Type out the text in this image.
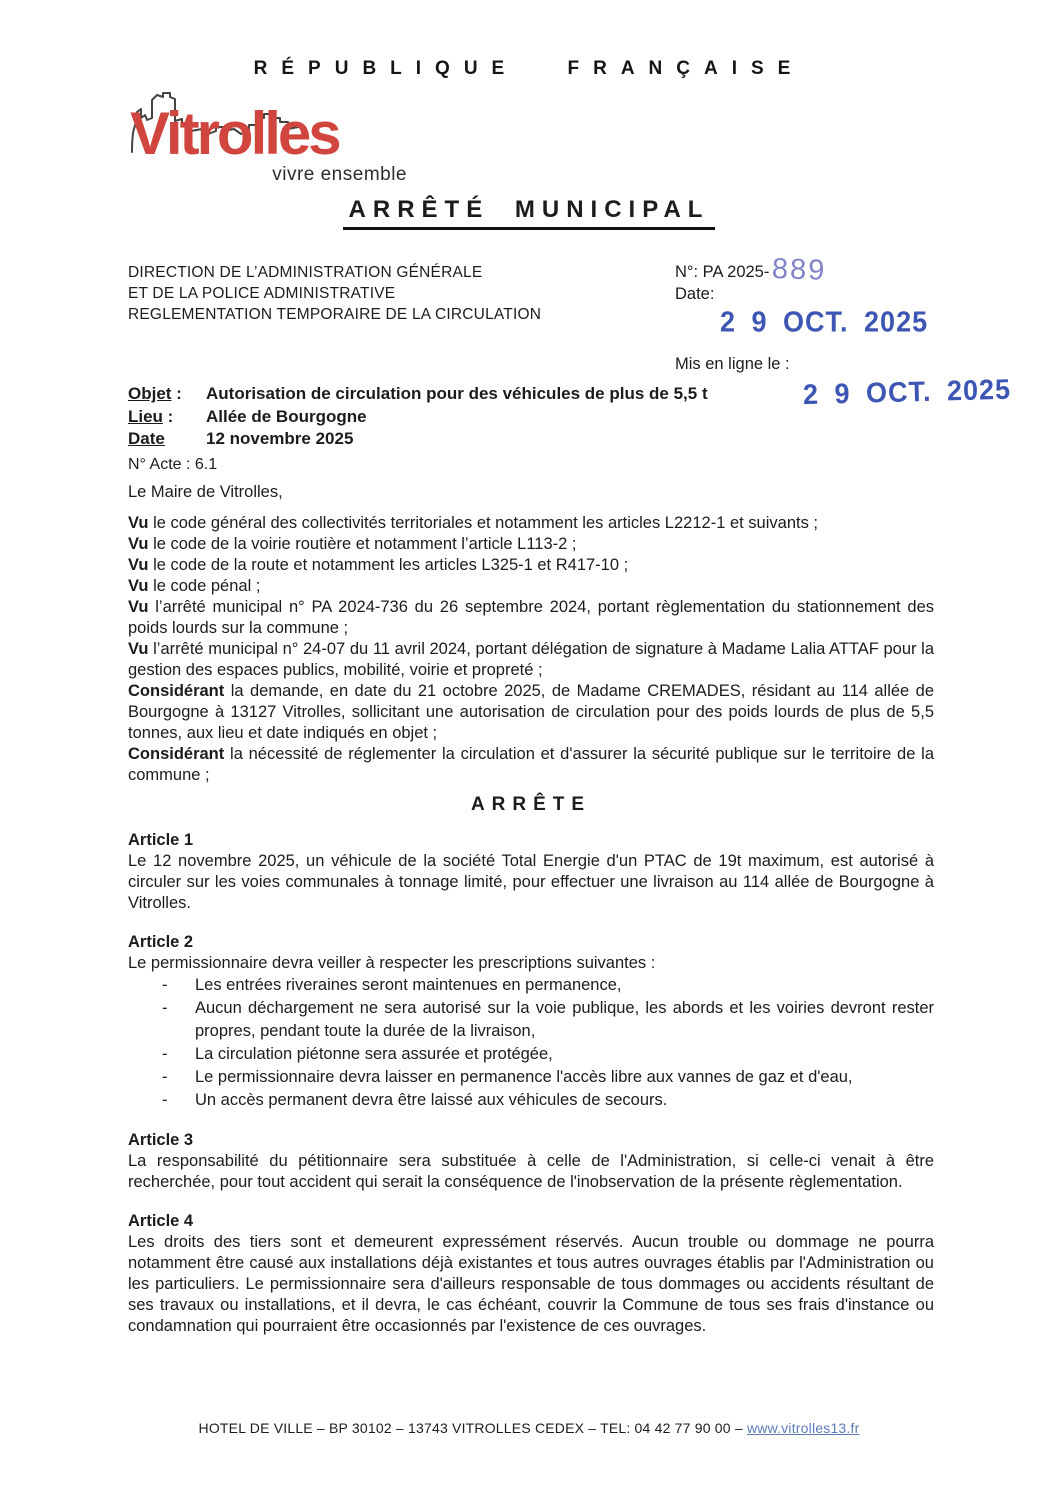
RÉPUBLIQUE FRANÇAISE
Vitrolles
vivre ensemble
ARRÊTÉ MUNICIPAL
DIRECTION DE L’ADMINISTRATION GÉNÉRALE
ET DE LA POLICE ADMINISTRATIVE
REGLEMENTATION TEMPORAIRE DE LA CIRCULATION
N°: PA 2025-889
Date:
2 9 OCT. 2025
Mis en ligne le :
2 9 OCT. 2025
Objet :	Autorisation de circulation pour des véhicules de plus de 5,5 t
Lieu :	Allée de Bourgogne
Date	12 novembre 2025
N° Acte : 6.1

Le Maire de Vitrolles,

Vu le code général des collectivités territoriales et notamment les articles L2212-1 et suivants ;

Vu le code de la voirie routière et notamment l’article L113-2 ;

Vu le code de la route et notamment les articles L325-1 et R417-10 ;

Vu le code pénal ;

Vu l’arrêté municipal n° PA 2024-736 du 26 septembre 2024, portant règlementation du stationnement des poids lourds sur la commune ;

Vu l’arrêté municipal n° 24-07 du 11 avril 2024, portant délégation de signature à Madame Lalia ATTAF pour la gestion des espaces publics, mobilité, voirie et propreté ;

Considérant la demande, en date du 21 octobre 2025, de Madame CREMADES, résidant au 114 allée de Bourgogne à 13127 Vitrolles, sollicitant une autorisation de circulation pour des poids lourds de plus de 5,5 tonnes, aux lieu et date indiqués en objet ;

Considérant la nécessité de réglementer la circulation et d'assurer la sécurité publique sur le territoire de la commune ;

ARRÊTE

Article 1

Le 12 novembre 2025, un véhicule de la société Total Energie d'un PTAC de 19t maximum, est autorisé à circuler sur les voies communales à tonnage limité, pour effectuer une livraison au 114 allée de Bourgogne à Vitrolles.

Article 2

Le permissionnaire devra veiller à respecter les prescriptions suivantes :

- Les entrées riveraines seront maintenues en permanence,
- Aucun déchargement ne sera autorisé sur la voie publique, les abords et les voiries devront rester propres, pendant toute la durée de la livraison,
- La circulation piétonne sera assurée et protégée,
- Le permissionnaire devra laisser en permanence l'accès libre aux vannes de gaz et d'eau,
- Un accès permanent devra être laissé aux véhicules de secours.

Article 3

La responsabilité du pétitionnaire sera substituée à celle de l'Administration, si celle-ci venait à être recherchée, pour tout accident qui serait la conséquence de l'inobservation de la présente règlementation.

Article 4

Les droits des tiers sont et demeurent expressément réservés. Aucun trouble ou dommage ne pourra notamment être causé aux installations déjà existantes et tous autres ouvrages établis par l'Administration ou les particuliers. Le permissionnaire sera d'ailleurs responsable de tous dommages ou accidents résultant de ses travaux ou installations, et il devra, le cas échéant, couvrir la Commune de tous ses frais d'instance ou condamnation qui pourraient être occasionnés par l'existence de ces ouvrages.

HOTEL DE VILLE – BP 30102 – 13743 VITROLLES CEDEX – TEL: 04 42 77 90 00 – www.vitrolles13.fr
